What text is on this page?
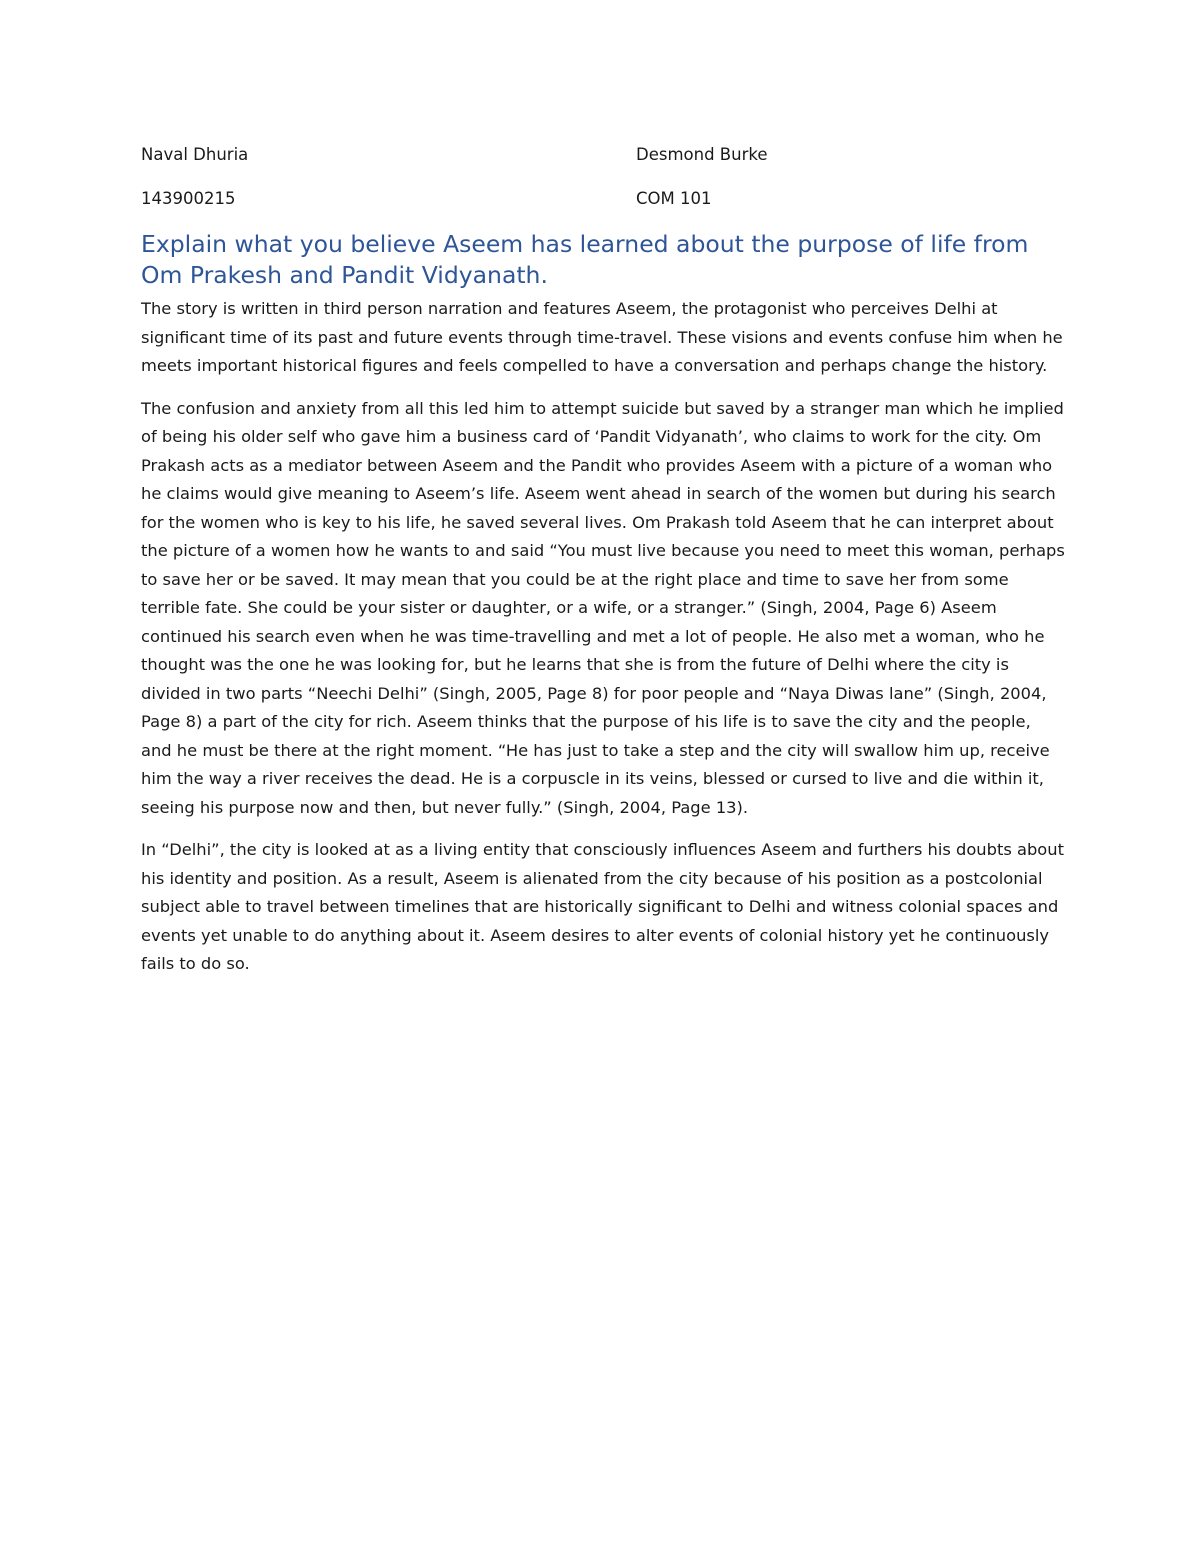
Naval Dhuria	Desmond Burke
143900215	COM 101
Explain what you believe Aseem has learned about the purpose of life from Om Prakesh and Pandit Vidyanath.

The story is written in third person narration and features Aseem, the protagonist who perceives Delhi at significant time of its past and future events through time-travel. These visions and events confuse him when he meets important historical figures and feels compelled to have a conversation and perhaps change the history.

The confusion and anxiety from all this led him to attempt suicide but saved by a stranger man which he implied of being his older self who gave him a business card of ‘Pandit Vidyanath’, who claims to work for the city. Om Prakash acts as a mediator between Aseem and the Pandit who provides Aseem with a picture of a woman who he claims would give meaning to Aseem’s life. Aseem went ahead in search of the women but during his search for the women who is key to his life, he saved several lives. Om Prakash told Aseem that he can interpret about the picture of a women how he wants to and said “You must live because you need to meet this woman, perhaps to save her or be saved. It may mean that you could be at the right place and time to save her from some terrible fate. She could be your sister or daughter, or a wife, or a stranger.” (Singh, 2004, Page 6) Aseem continued his search even when he was time-travelling and met a lot of people. He also met a woman, who he thought was the one he was looking for, but he learns that she is from the future of Delhi where the city is divided in two parts “Neechi Delhi” (Singh, 2005, Page 8) for poor people and “Naya Diwas lane” (Singh, 2004, Page 8) a part of the city for rich. Aseem thinks that the purpose of his life is to save the city and the people, and he must be there at the right moment. “He has just to take a step and the city will swallow him up, receive him the way a river receives the dead. He is a corpuscle in its veins, blessed or cursed to live and die within it, seeing his purpose now and then, but never fully.” (Singh, 2004, Page 13).

In “Delhi”, the city is looked at as a living entity that consciously influences Aseem and furthers his doubts about his identity and position. As a result, Aseem is alienated from the city because of his position as a postcolonial subject able to travel between timelines that are historically significant to Delhi and witness colonial spaces and events yet unable to do anything about it. Aseem desires to alter events of colonial history yet he continuously fails to do so.
